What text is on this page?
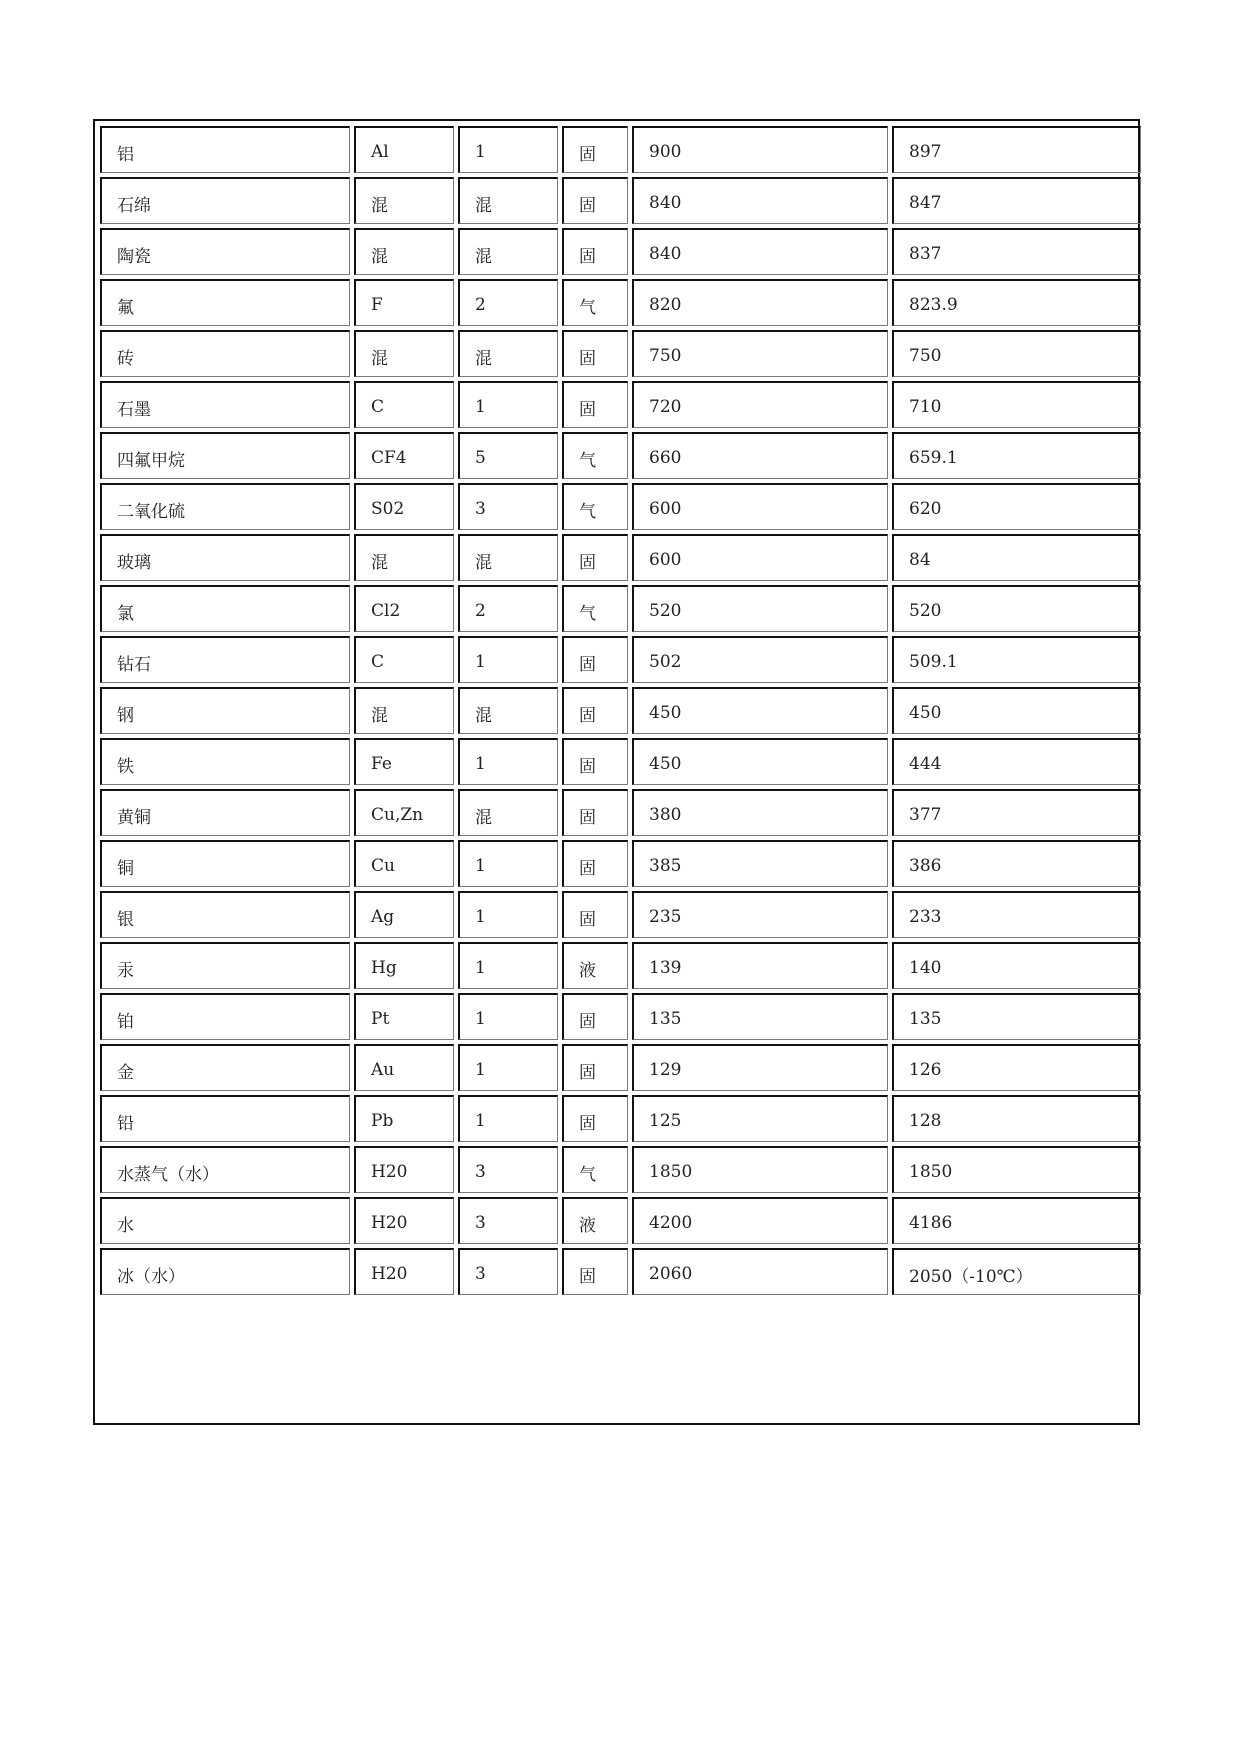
铝	Al	1	固	900	897
石绵	混	混	固	840	847
陶瓷	混	混	固	840	837
氟	F	2	气	820	823.9
砖	混	混	固	750	750
石墨	C	1	固	720	710
四氟甲烷	CF4	5	气	660	659.1
二氧化硫	S02	3	气	600	620
玻璃	混	混	固	600	84
氯	Cl2	2	气	520	520
钻石	C	1	固	502	509.1
钢	混	混	固	450	450
铁	Fe	1	固	450	444
黄铜	Cu,Zn	混	固	380	377
铜	Cu	1	固	385	386
银	Ag	1	固	235	233
汞	Hg	1	液	139	140
铂	Pt	1	固	135	135
金	Au	1	固	129	126
铅	Pb	1	固	125	128
水蒸气（水）	H20	3	气	1850	1850
水	H20	3	液	4200	4186
冰（水）	H20	3	固	2060	2050（-10℃）
